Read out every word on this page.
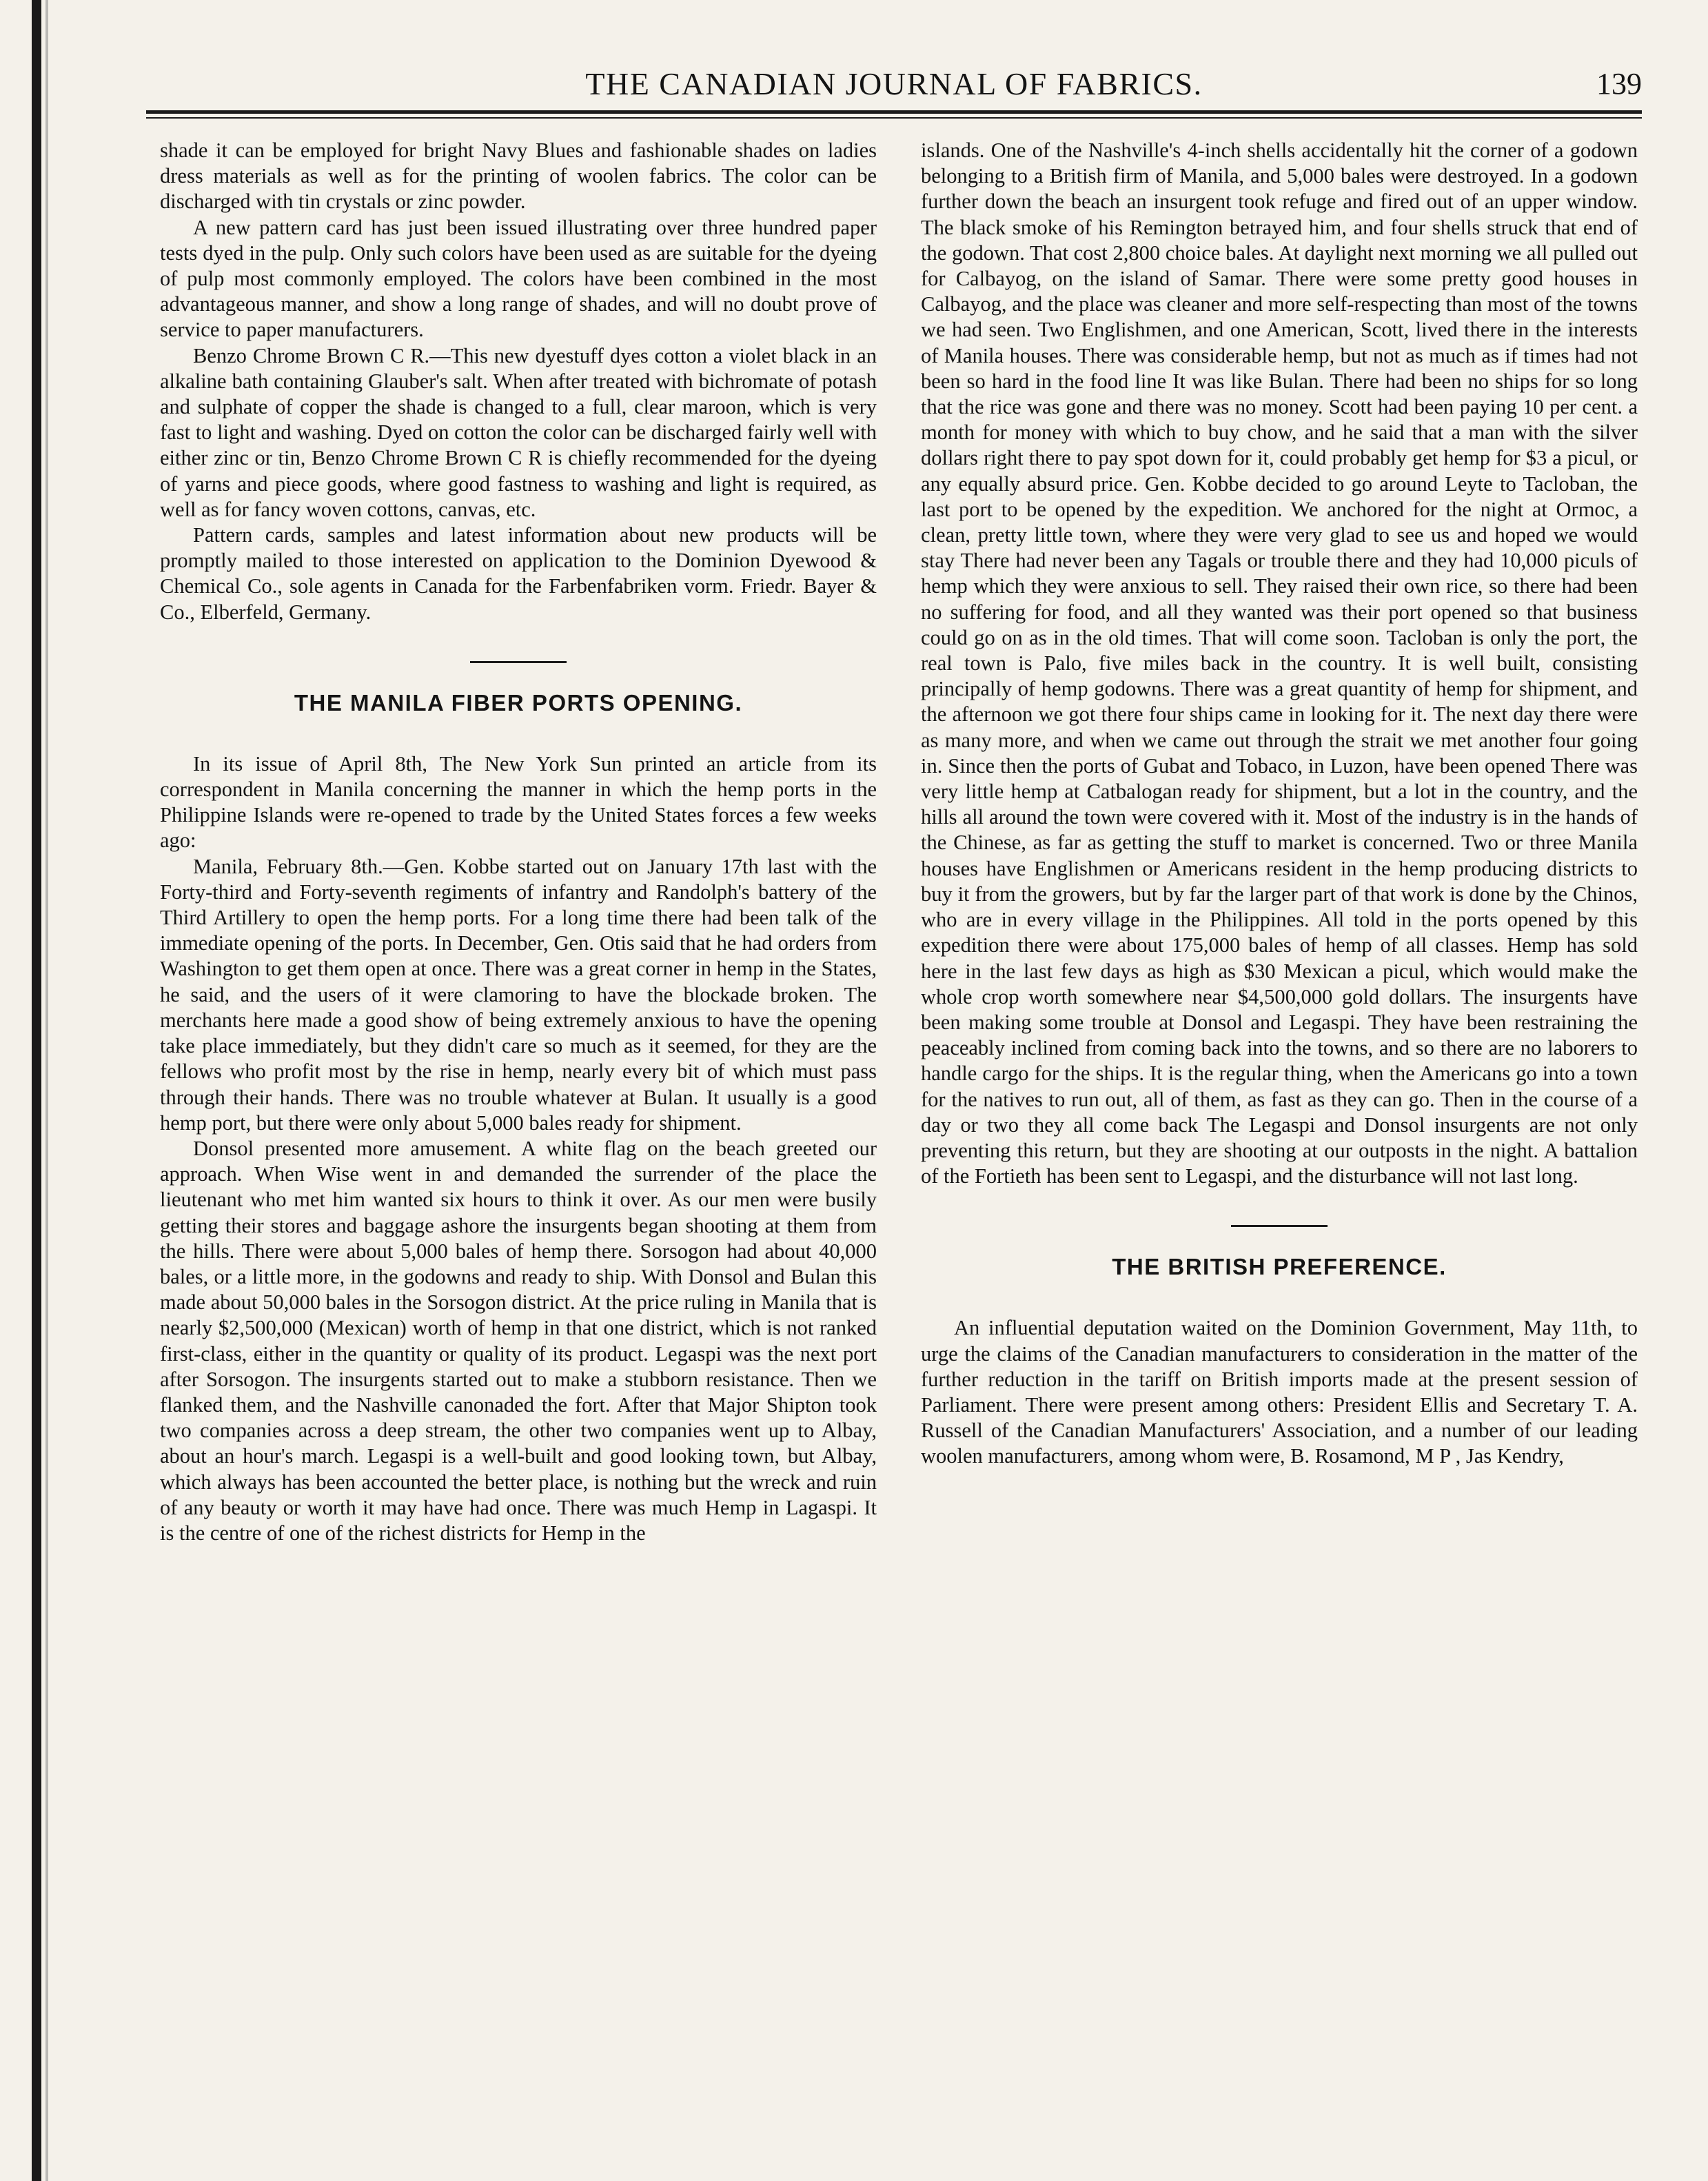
THE CANADIAN JOURNAL OF FABRICS.	139

shade it can be employed for bright Navy Blues and fashionable shades on ladies dress materials as well as for the printing of woolen fabrics. The color can be discharged with tin crystals or zinc powder.

A new pattern card has just been issued illustrating over three hundred paper tests dyed in the pulp. Only such colors have been used as are suitable for the dyeing of pulp most commonly employed. The colors have been combined in the most advantageous manner, and show a long range of shades, and will no doubt prove of service to paper manufacturers.

Benzo Chrome Brown C R.—This new dyestuff dyes cotton a violet black in an alkaline bath containing Glauber's salt. When after treated with bichromate of potash and sulphate of copper the shade is changed to a full, clear maroon, which is very fast to light and washing. Dyed on cotton the color can be discharged fairly well with either zinc or tin, Benzo Chrome Brown C R is chiefly recommended for the dyeing of yarns and piece goods, where good fastness to washing and light is required, as well as for fancy woven cottons, canvas, etc.

Pattern cards, samples and latest information about new products will be promptly mailed to those interested on application to the Dominion Dyewood & Chemical Co., sole agents in Canada for the Farbenfabriken vorm. Friedr. Bayer & Co., Elberfeld, Germany.

THE MANILA FIBER PORTS OPENING.

In its issue of April 8th, The New York Sun printed an article from its correspondent in Manila concerning the manner in which the hemp ports in the Philippine Islands were re-opened to trade by the United States forces a few weeks ago:

Manila, February 8th.—Gen. Kobbe started out on January 17th last with the Forty-third and Forty-seventh regiments of infantry and Randolph's battery of the Third Artillery to open the hemp ports. For a long time there had been talk of the immediate opening of the ports. In December, Gen. Otis said that he had orders from Washington to get them open at once. There was a great corner in hemp in the States, he said, and the users of it were clamoring to have the blockade broken. The merchants here made a good show of being extremely anxious to have the opening take place immediately, but they didn't care so much as it seemed, for they are the fellows who profit most by the rise in hemp, nearly every bit of which must pass through their hands. There was no trouble whatever at Bulan. It usually is a good hemp port, but there were only about 5,000 bales ready for shipment.

Donsol presented more amusement. A white flag on the beach greeted our approach. When Wise went in and demanded the surrender of the place the lieutenant who met him wanted six hours to think it over. As our men were busily getting their stores and baggage ashore the insurgents began shooting at them from the hills. There were about 5,000 bales of hemp there. Sorsogon had about 40,000 bales, or a little more, in the godowns and ready to ship. With Donsol and Bulan this made about 50,000 bales in the Sorsogon district. At the price ruling in Manila that is nearly $2,500,000 (Mexican) worth of hemp in that one district, which is not ranked first-class, either in the quantity or quality of its product. Legaspi was the next port after Sorsogon. The insurgents started out to make a stubborn resistance. Then we flanked them, and the Nashville canonaded the fort. After that Major Shipton took two companies across a deep stream, the other two companies went up to Albay, about an hour's march. Legaspi is a well-built and good looking town, but Albay, which always has been accounted the better place, is nothing but the wreck and ruin of any beauty or worth it may have had once. There was much Hemp in Lagaspi. It is the centre of one of the richest districts for Hemp in the

islands. One of the Nashville's 4-inch shells accidentally hit the corner of a godown belonging to a British firm of Manila, and 5,000 bales were destroyed. In a godown further down the beach an insurgent took refuge and fired out of an upper window. The black smoke of his Remington betrayed him, and four shells struck that end of the godown. That cost 2,800 choice bales. At daylight next morning we all pulled out for Calbayog, on the island of Samar. There were some pretty good houses in Calbayog, and the place was cleaner and more self-respecting than most of the towns we had seen. Two Englishmen, and one American, Scott, lived there in the interests of Manila houses. There was considerable hemp, but not as much as if times had not been so hard in the food line It was like Bulan. There had been no ships for so long that the rice was gone and there was no money. Scott had been paying 10 per cent. a month for money with which to buy chow, and he said that a man with the silver dollars right there to pay spot down for it, could probably get hemp for $3 a picul, or any equally absurd price. Gen. Kobbe decided to go around Leyte to Tacloban, the last port to be opened by the expedition. We anchored for the night at Ormoc, a clean, pretty little town, where they were very glad to see us and hoped we would stay There had never been any Tagals or trouble there and they had 10,000 piculs of hemp which they were anxious to sell. They raised their own rice, so there had been no suffering for food, and all they wanted was their port opened so that business could go on as in the old times. That will come soon. Tacloban is only the port, the real town is Palo, five miles back in the country. It is well built, consisting principally of hemp godowns. There was a great quantity of hemp for shipment, and the afternoon we got there four ships came in looking for it. The next day there were as many more, and when we came out through the strait we met another four going in. Since then the ports of Gubat and Tobaco, in Luzon, have been opened There was very little hemp at Catbalogan ready for shipment, but a lot in the country, and the hills all around the town were covered with it. Most of the industry is in the hands of the Chinese, as far as getting the stuff to market is concerned. Two or three Manila houses have Englishmen or Americans resident in the hemp producing districts to buy it from the growers, but by far the larger part of that work is done by the Chinos, who are in every village in the Philippines. All told in the ports opened by this expedition there were about 175,000 bales of hemp of all classes. Hemp has sold here in the last few days as high as $30 Mexican a picul, which would make the whole crop worth somewhere near $4,500,000 gold dollars. The insurgents have been making some trouble at Donsol and Legaspi. They have been restraining the peaceably inclined from coming back into the towns, and so there are no laborers to handle cargo for the ships. It is the regular thing, when the Americans go into a town for the natives to run out, all of them, as fast as they can go. Then in the course of a day or two they all come back The Legaspi and Donsol insurgents are not only preventing this return, but they are shooting at our outposts in the night. A battalion of the Fortieth has been sent to Legaspi, and the disturbance will not last long.

THE BRITISH PREFERENCE.

An influential deputation waited on the Dominion Government, May 11th, to urge the claims of the Canadian manufacturers to consideration in the matter of the further reduction in the tariff on British imports made at the present session of Parliament. There were present among others: President Ellis and Secretary T. A. Russell of the Canadian Manufacturers' Association, and a number of our leading woolen manufacturers, among whom were, B. Rosamond, M P , Jas Kendry,
